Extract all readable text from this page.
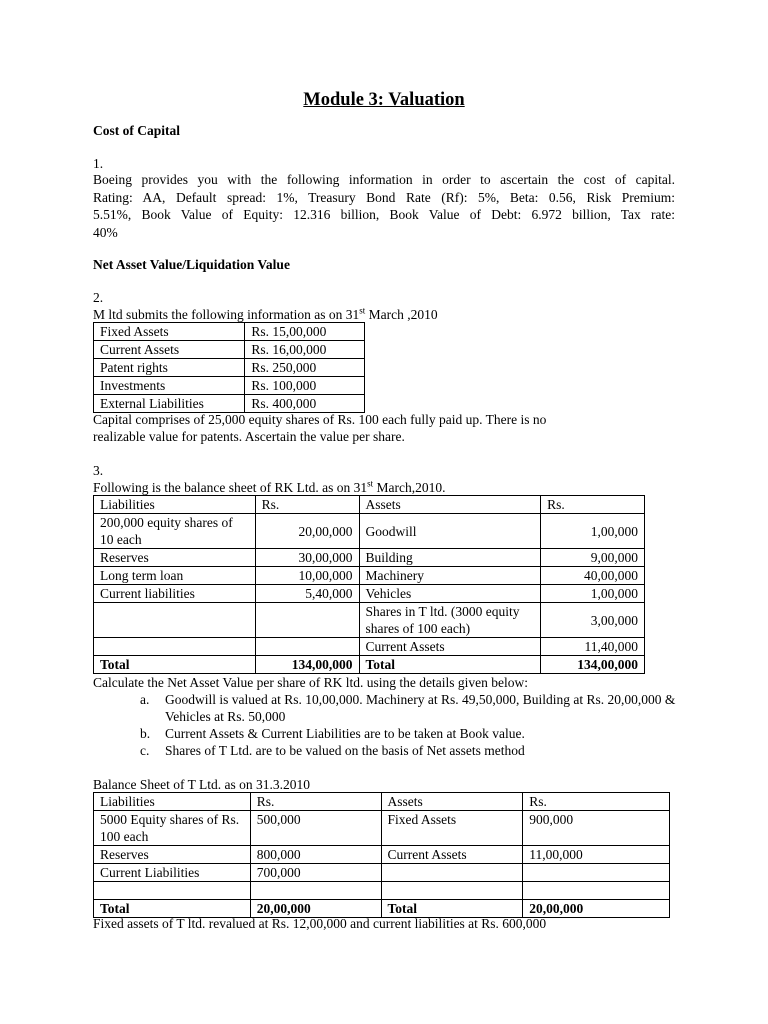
Module 3: Valuation
Cost of Capital
1.
Boeing provides you with the following information in order to ascertain the cost of capital.
Rating: AA, Default spread: 1%, Treasury Bond Rate (Rf): 5%, Beta: 0.56, Risk Premium:
5.51%, Book Value of Equity: 12.316 billion, Book Value of Debt: 6.972 billion, Tax rate:
40%
Net Asset Value/Liquidation Value
2.
M ltd submits the following information as on 31st March ,2010
Fixed Assets	Rs. 15,00,000
Current Assets	Rs. 16,00,000
Patent rights	Rs. 250,000
Investments	Rs. 100,000
External Liabilities	Rs. 400,000
Capital comprises of 25,000 equity shares of Rs. 100 each fully paid up. There is no
realizable value for patents. Ascertain the value per share.
3.
Following is the balance sheet of RK Ltd. as on 31st March,2010.
Liabilities	Rs.	Assets	Rs.
200,000 equity shares of 10 each	20,00,000	Goodwill	1,00,000
Reserves	30,00,000	Building	9,00,000
Long term loan	10,00,000	Machinery	40,00,000
Current liabilities	5,40,000	Vehicles	1,00,000
		Shares in T ltd. (3000 equity shares of 100 each)	3,00,000
		Current Assets	11,40,000
Total	134,00,000	Total	134,00,000
Calculate the Net Asset Value per share of RK ltd. using the details given below:
a. Goodwill is valued at Rs. 10,00,000. Machinery at Rs. 49,50,000, Building at Rs. 20,00,000 & Vehicles at Rs. 50,000
b. Current Assets & Current Liabilities are to be taken at Book value.
c. Shares of T Ltd. are to be valued on the basis of Net assets method
Balance Sheet of T Ltd. as on 31.3.2010
Liabilities	Rs.	Assets	Rs.
5000 Equity shares of Rs. 100 each	500,000	Fixed Assets	900,000
Reserves	800,000	Current Assets	11,00,000
Current Liabilities	700,000		

Total	20,00,000	Total	20,00,000
Fixed assets of T ltd. revalued at Rs. 12,00,000 and current liabilities at Rs. 600,000
